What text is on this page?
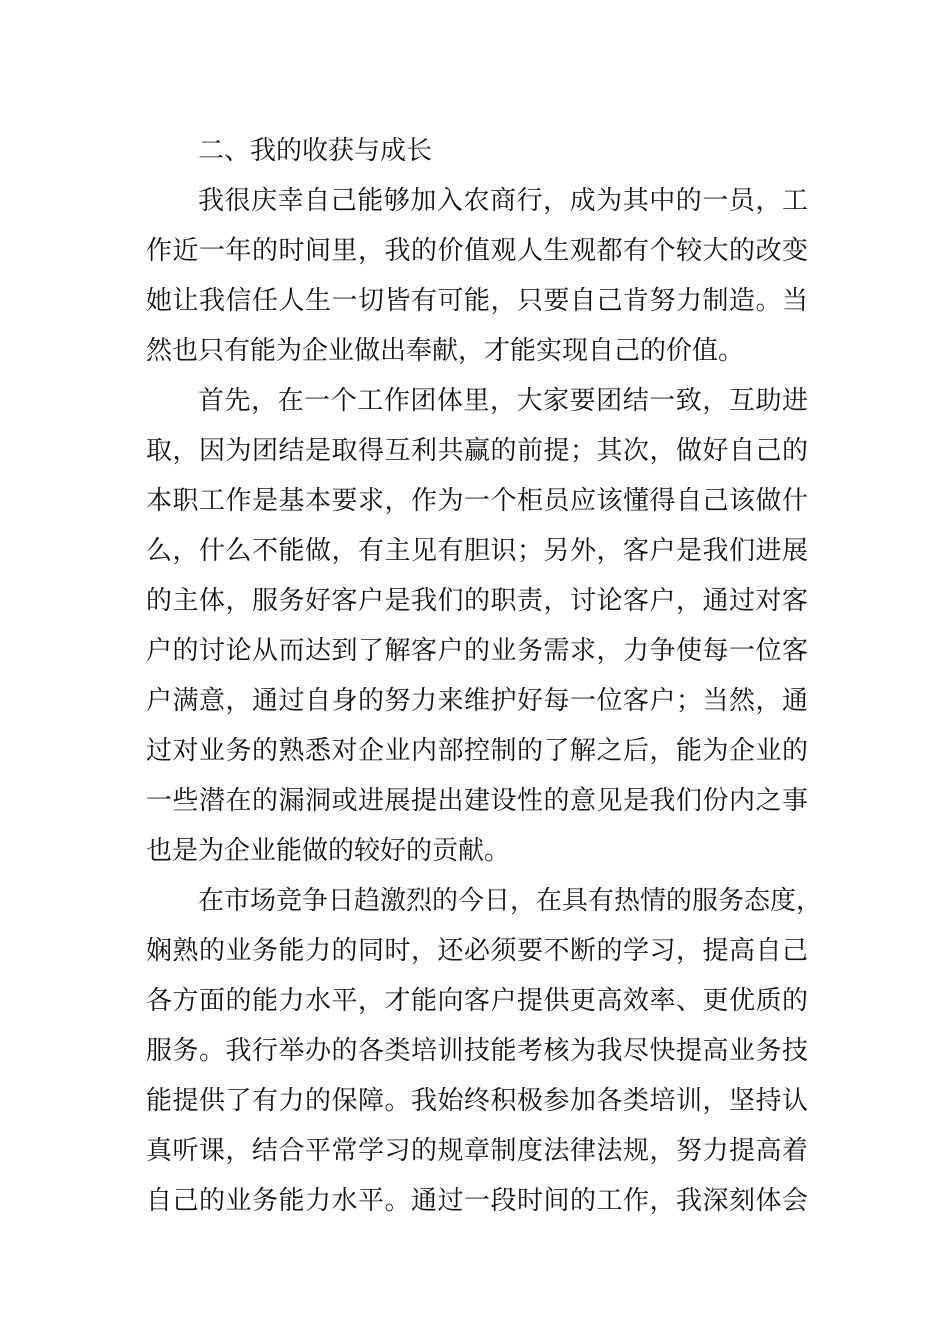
二、我的收获与成长
我很庆幸自己能够加入农商行，成为其中的一员，工
作近一年的时间里，我的价值观人生观都有个较大的改变
她让我信任人生一切皆有可能，只要自己肯努力制造。当
然也只有能为企业做出奉献，才能实现自己的价值。
首先，在一个工作团体里，大家要团结一致，互助进
取，因为团结是取得互利共赢的前提；其次，做好自己的
本职工作是基本要求，作为一个柜员应该懂得自己该做什
么，什么不能做，有主见有胆识；另外，客户是我们进展
的主体，服务好客户是我们的职责，讨论客户，通过对客
户的讨论从而达到了解客户的业务需求，力争使每一位客
户满意，通过自身的努力来维护好每一位客户；当然，通
过对业务的熟悉对企业内部控制的了解之后，能为企业的
一些潜在的漏洞或进展提出建设性的意见是我们份内之事
也是为企业能做的较好的贡献。
在市场竞争日趋激烈的今日，在具有热情的服务态度，
娴熟的业务能力的同时，还必须要不断的学习，提高自己
各方面的能力水平，才能向客户提供更高效率、更优质的
服务。我行举办的各类培训技能考核为我尽快提高业务技
能提供了有力的保障。我始终积极参加各类培训，坚持认
真听课，结合平常学习的规章制度法律法规，努力提高着
自己的业务能力水平。通过一段时间的工作，我深刻体会
